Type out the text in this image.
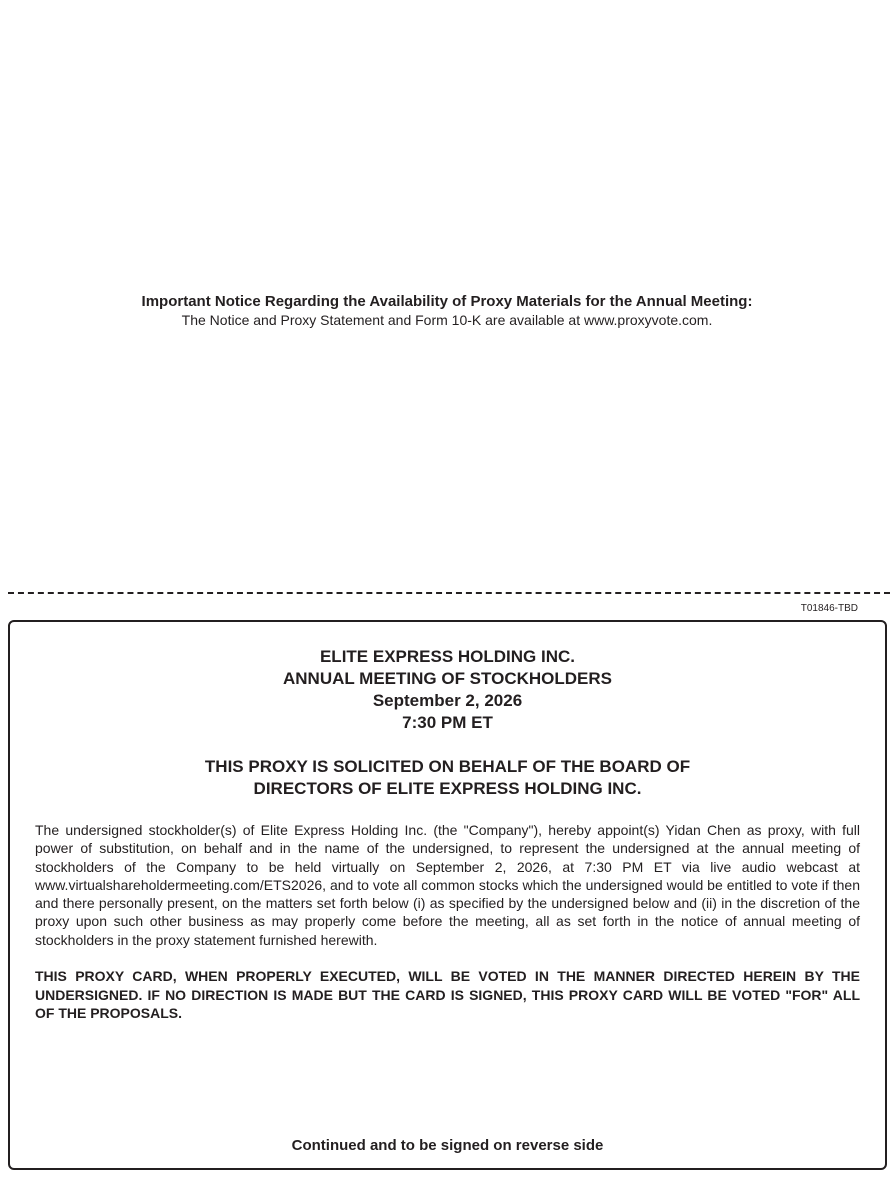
Important Notice Regarding the Availability of Proxy Materials for the Annual Meeting:
The Notice and Proxy Statement and Form 10-K are available at www.proxyvote.com.
T01846-TBD
ELITE EXPRESS HOLDING INC.
ANNUAL MEETING OF STOCKHOLDERS
September 2, 2026
7:30 PM ET
THIS PROXY IS SOLICITED ON BEHALF OF THE BOARD OF
DIRECTORS OF ELITE EXPRESS HOLDING INC.
The undersigned stockholder(s) of Elite Express Holding Inc. (the "Company"), hereby appoint(s) Yidan Chen as proxy, with full power of substitution, on behalf and in the name of the undersigned, to represent the undersigned at the annual meeting of stockholders of the Company to be held virtually on September 2, 2026, at 7:30 PM ET via live audio webcast at www.virtualshareholdermeeting.com/ETS2026, and to vote all common stocks which the undersigned would be entitled to vote if then and there personally present, on the matters set forth below (i) as specified by the undersigned below and (ii) in the discretion of the proxy upon such other business as may properly come before the meeting, all as set forth in the notice of annual meeting of stockholders in the proxy statement furnished herewith.
THIS PROXY CARD, WHEN PROPERLY EXECUTED, WILL BE VOTED IN THE MANNER DIRECTED HEREIN BY THE UNDERSIGNED. IF NO DIRECTION IS MADE BUT THE CARD IS SIGNED, THIS PROXY CARD WILL BE VOTED "FOR" ALL OF THE PROPOSALS.
Continued and to be signed on reverse side
